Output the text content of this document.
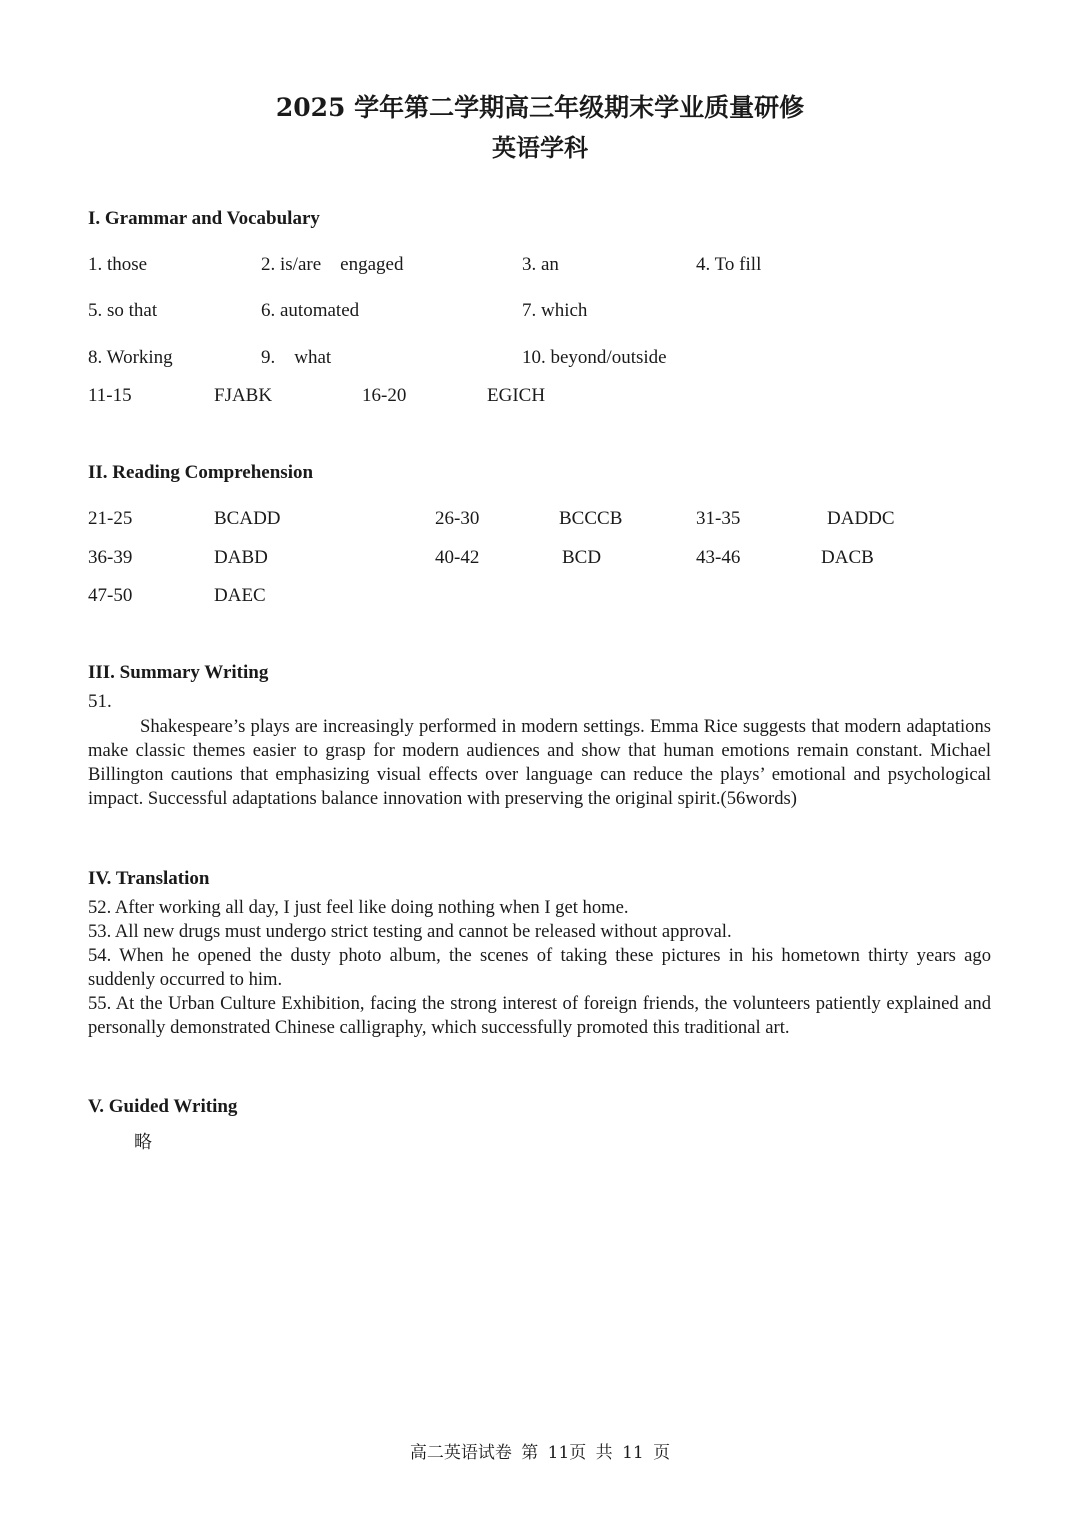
2025 学年第二学期高三年级期末学业质量研修
英语学科
I. Grammar and Vocabulary
1. those	2. is/are    engaged	3. an	4. To fill
5. so that	6. automated	7. which
8. Working	9.    what	10. beyond/outside
11-15	FJABK	16-20	EGICH
II. Reading Comprehension
21-25	BCADD	26-30	BCCCB	31-35	DADDC
36-39	DABD	40-42	BCD	43-46	DACB
47-50	DAEC
III. Summary Writing
51.
Shakespeare’s plays are increasingly performed in modern settings. Emma Rice suggests that modern adaptations make classic themes easier to grasp for modern audiences and show that human emotions remain constant. Michael Billington cautions that emphasizing visual effects over language can reduce the plays’ emotional and psychological impact. Successful adaptations balance innovation with preserving the original spirit.(56words)
IV. Translation
52. After working all day, I just feel like doing nothing when I get home.
53. All new drugs must undergo strict testing and cannot be released without approval.
54. When he opened the dusty photo album, the scenes of taking these pictures in his hometown thirty years ago suddenly occurred to him.
55. At the Urban Culture Exhibition, facing the strong interest of foreign friends, the volunteers patiently explained and personally demonstrated Chinese calligraphy, which successfully promoted this traditional art.
V. Guided Writing
略
高二英语试卷 第 11页 共 11 页
